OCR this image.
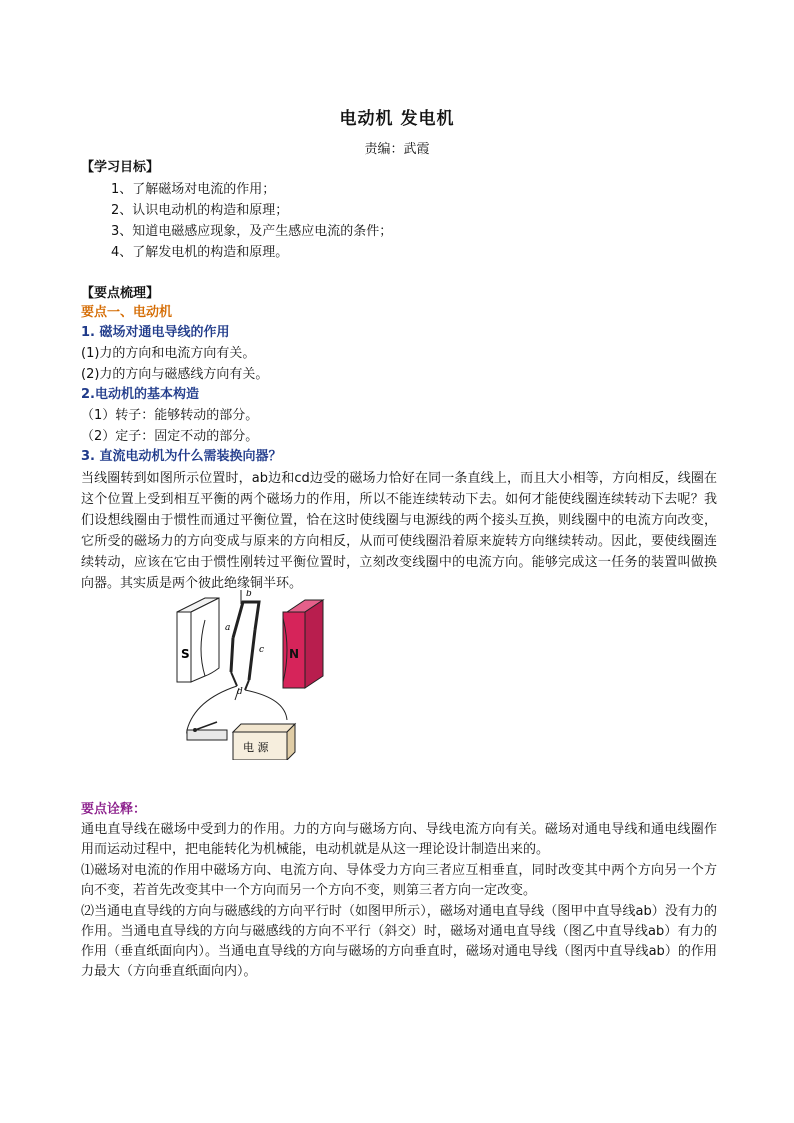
电动机 发电机
责编：武霞
【学习目标】
1、了解磁场对电流的作用；
2、认识电动机的构造和原理；
3、知道电磁感应现象，及产生感应电流的条件；
4、了解发电机的构造和原理。
【要点梳理】
要点一、电动机
1. 磁场对通电导线的作用
(1)力的方向和电流方向有关。
(2)力的方向与磁感线方向有关。
2.电动机的基本构造
（1）转子：能够转动的部分。
（2）定子：固定不动的部分。
3. 直流电动机为什么需装换向器？
当线圈转到如图所示位置时，ab边和cd边受的磁场力恰好在同一条直线上，而且大小相等，方向相反，线圈在这个位置上受到相互平衡的两个磁场力的作用，所以不能连续转动下去。如何才能使线圈连续转动下去呢？我们设想线圈由于惯性而通过平衡位置，恰在这时使线圈与电源线的两个接头互换，则线圈中的电流方向改变，它所受的磁场力的方向变成与原来的方向相反，从而可使线圈沿着原来旋转方向继续转动。因此，要使线圈连续转动，应该在它由于惯性刚转过平衡位置时，立刻改变线圈中的电流方向。能够完成这一任务的装置叫做换向器。其实质是两个彼此绝缘铜半环。
S	N
b
a
c
d
电 源
要点诠释：
通电直导线在磁场中受到力的作用。力的方向与磁场方向、导线电流方向有关。磁场对通电导线和通电线圈作用而运动过程中，把电能转化为机械能，电动机就是从这一理论设计制造出来的。
⑴磁场对电流的作用中磁场方向、电流方向、导体受力方向三者应互相垂直，同时改变其中两个方向另一个方向不变，若首先改变其中一个方向而另一个方向不变，则第三者方向一定改变。
⑵当通电直导线的方向与磁感线的方向平行时（如图甲所示），磁场对通电直导线（图甲中直导线ab）没有力的作用。当通电直导线的方向与磁感线的方向不平行（斜交）时，磁场对通电直导线（图乙中直导线ab）有力的作用（垂直纸面向内）。当通电直导线的方向与磁场的方向垂直时，磁场对通电导线（图丙中直导线ab）的作用力最大（方向垂直纸面向内）。
